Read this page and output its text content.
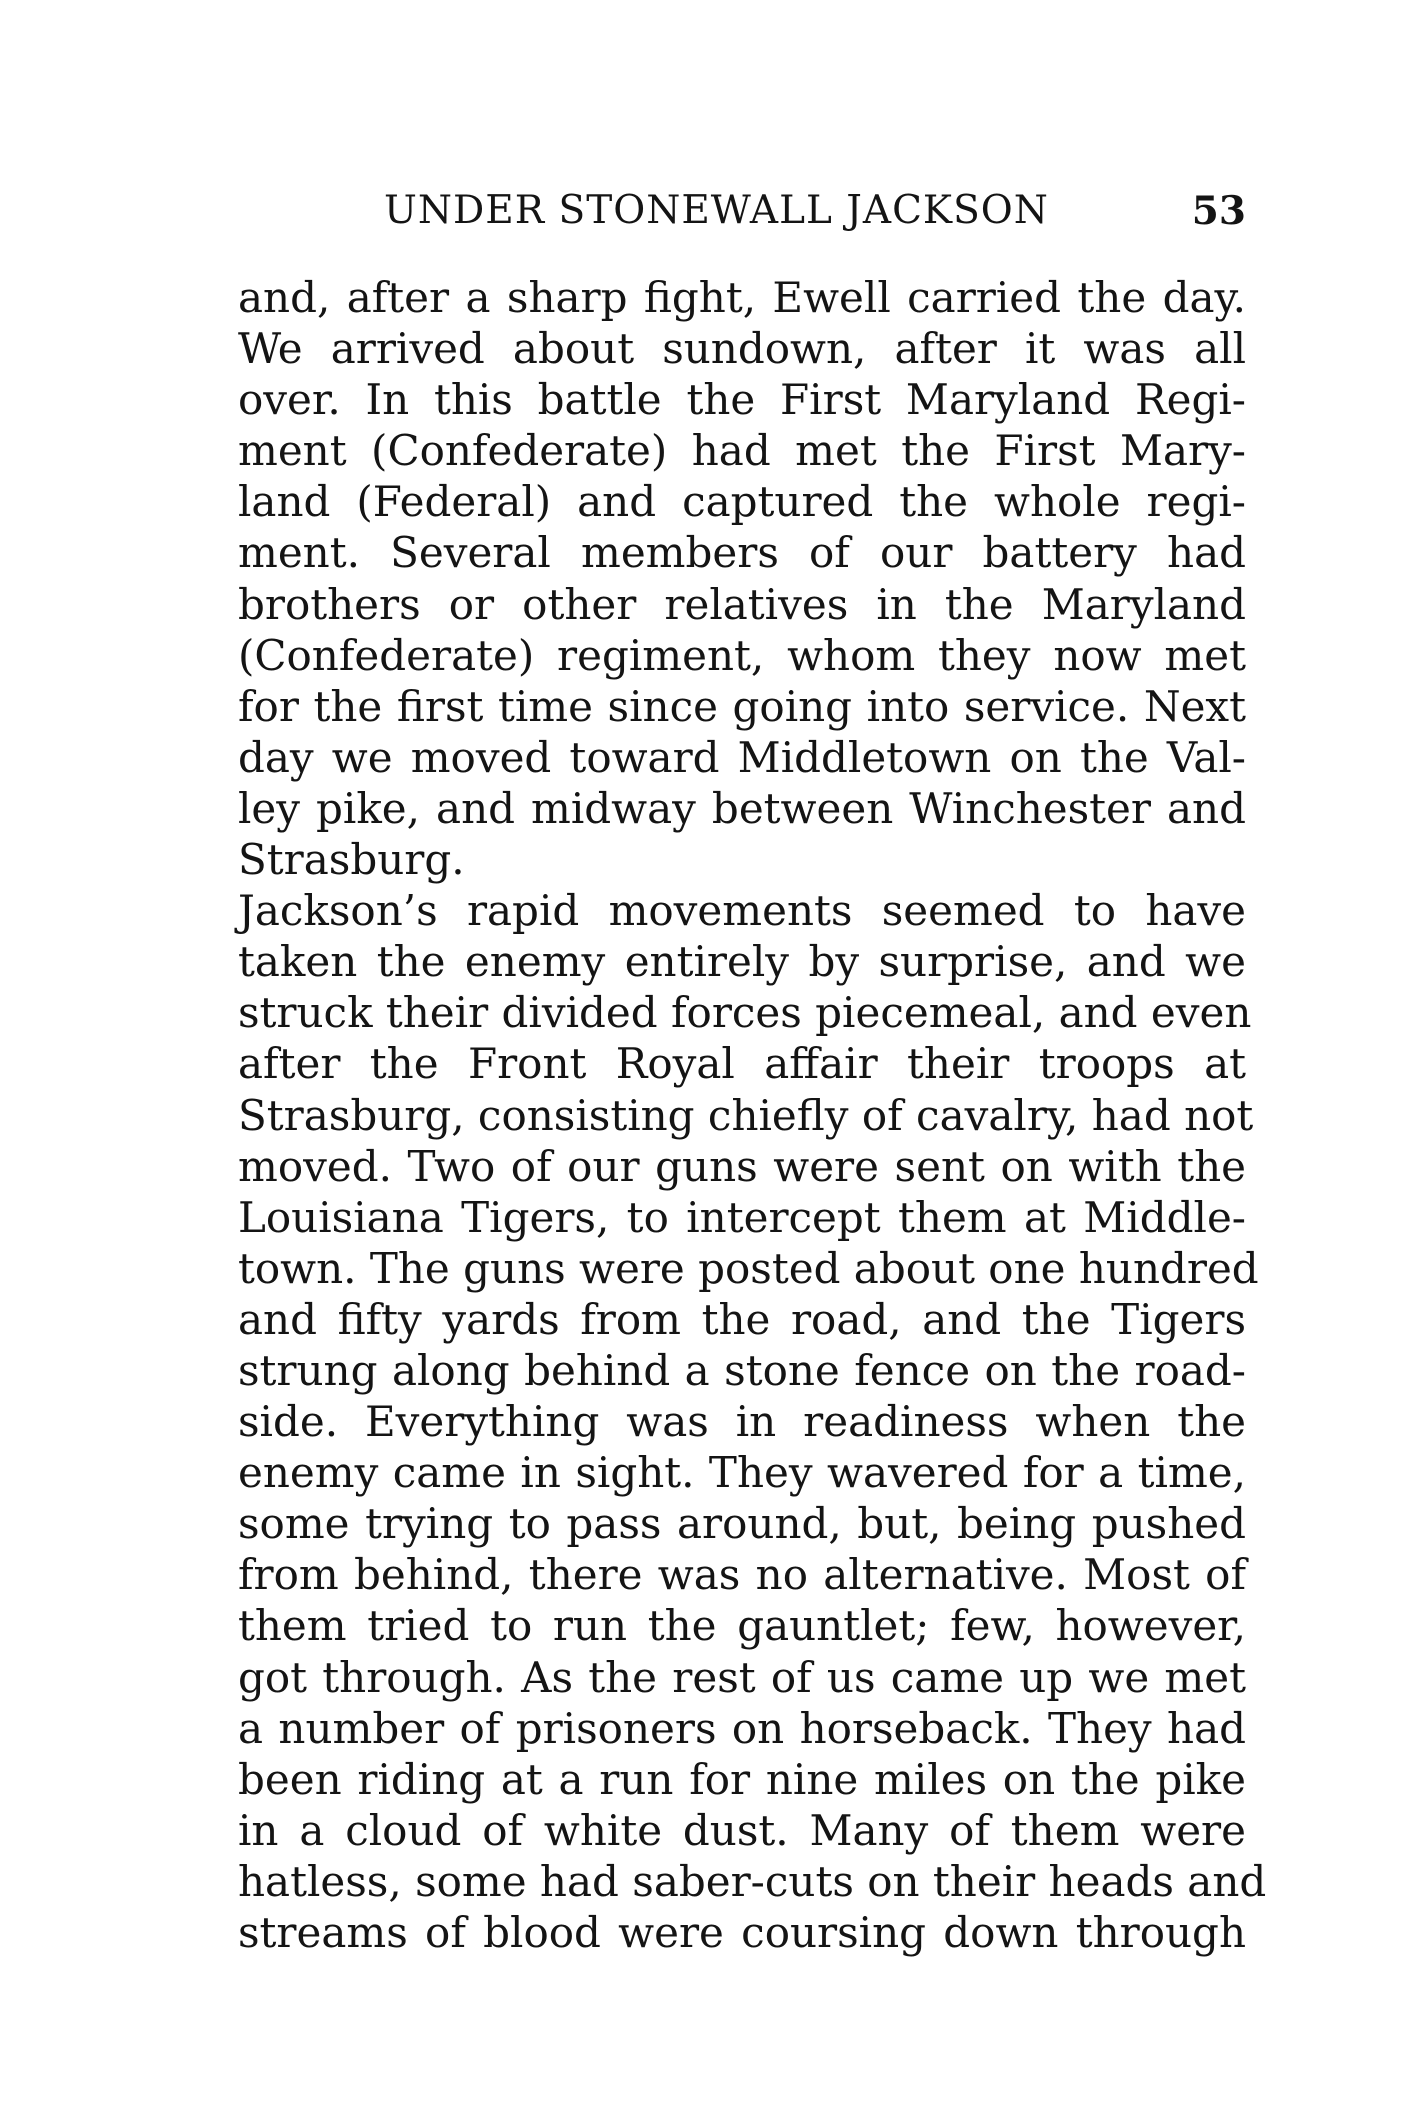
UNDER STONEWALL JACKSON	53
and, after a sharp fight, Ewell carried the day.
We arrived about sundown, after it was all
over. In this battle the First Maryland Regi-
ment (Confederate) had met the First Mary-
land (Federal) and captured the whole regi-
ment. Several members of our battery had
brothers or other relatives in the Maryland
(Confederate) regiment, whom they now met
for the first time since going into service. Next
day we moved toward Middletown on the Val-
ley pike, and midway between Winchester and
Strasburg.
Jackson’s rapid movements seemed to have
taken the enemy entirely by surprise, and we
struck their divided forces piecemeal, and even
after the Front Royal affair their troops at
Strasburg, consisting chiefly of cavalry, had not
moved. Two of our guns were sent on with the
Louisiana Tigers, to intercept them at Middle-
town. The guns were posted about one hundred
and fifty yards from the road, and the Tigers
strung along behind a stone fence on the road-
side. Everything was in readiness when the
enemy came in sight. They wavered for a time,
some trying to pass around, but, being pushed
from behind, there was no alternative. Most of
them tried to run the gauntlet; few, however,
got through. As the rest of us came up we met
a number of prisoners on horseback. They had
been riding at a run for nine miles on the pike
in a cloud of white dust. Many of them were
hatless, some had saber-cuts on their heads and
streams of blood were coursing down through
